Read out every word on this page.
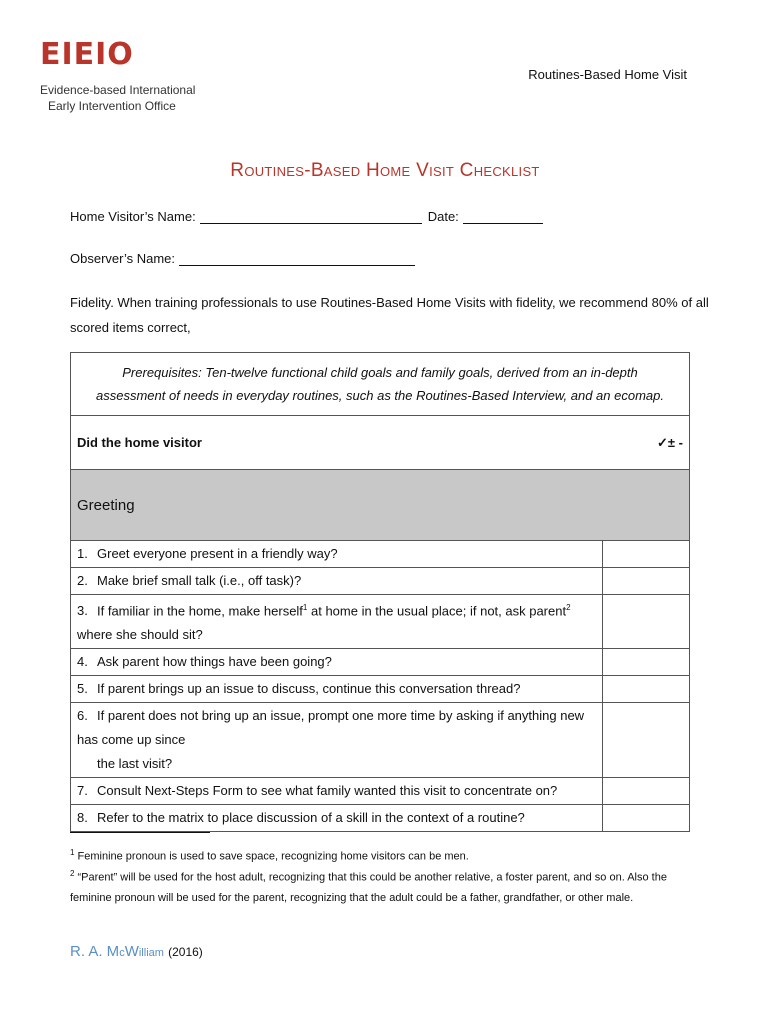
EIEIO
Evidence-based International
Early Intervention Office
Routines-Based Home Visit
Routines-Based Home Visit Checklist
Home Visitor’s Name:	Date:
Observer’s Name:
Fidelity. When training professionals to use Routines-Based Home Visits with fidelity, we recommend 80% of all scored items correct,
Prerequisites: Ten-twelve functional child goals and family goals, derived from an in-depth assessment of needs in everyday routines, such as the Routines-Based Interview, and an ecomap.	
Did the home visitor ✓± -	

Greeting	
1. Greet everyone present in a friendly way?	
2. Make brief small talk (i.e., off task)?	
3. If familiar in the home, make herself$^1$ at home in the usual place; if not, ask parent$^2$ where she should sit?	
4. Ask parent how things have been going?	
5. If parent brings up an issue to discuss, continue this conversation thread?	
6. If parent does not bring up an issue, prompt one more time by asking if anything new has come up since
the last visit?	
7. Consult Next-Steps Form to see what family wanted this visit to concentrate on?	
8. Refer to the matrix to place discussion of a skill in the context of a routine?	
$^1$ Feminine pronoun is used to save space, recognizing home visitors can be men.
$^2$ “Parent” will be used for the host adult, recognizing that this could be another relative, a foster parent, and so on. Also the feminine pronoun will be used for the parent, recognizing that the adult could be a father, grandfather, or other male.
R. A. McWilliam (2016)
